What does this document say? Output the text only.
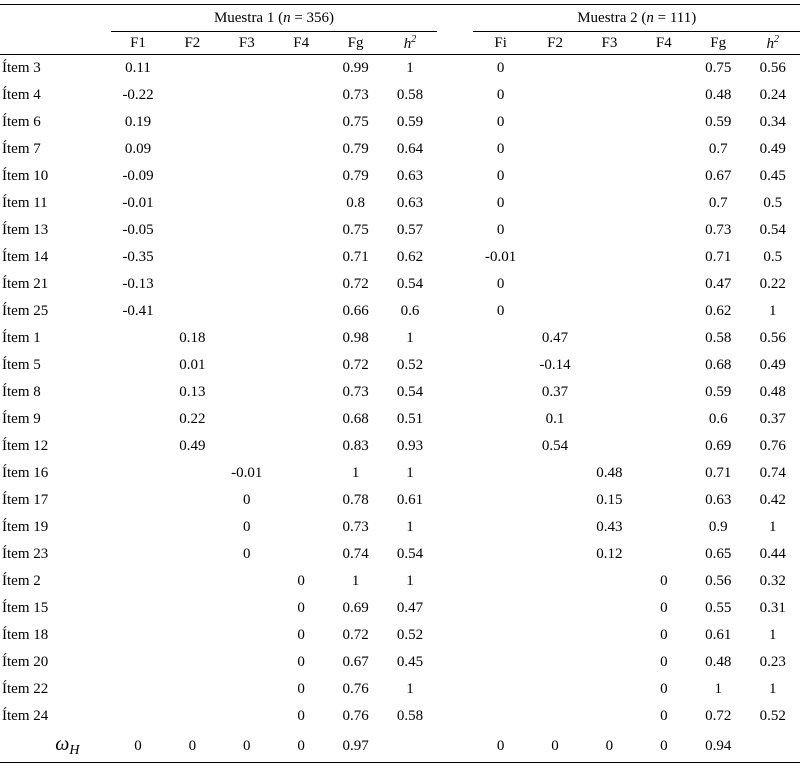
	Muestra 1 (n = 356)							Muestra 2 (n = 111)					
	F1	F2	F3	F4	Fg	$h^2$		Fi	F2	F3	F4	Fg	$h^2$
Ítem 3	0.11				0.99	1		0				0.75	0.56
Ítem 4	-0.22				0.73	0.58		0				0.48	0.24
Ítem 6	0.19				0.75	0.59		0				0.59	0.34
Ítem 7	0.09				0.79	0.64		0				0.7	0.49
Ítem 10	-0.09				0.79	0.63		0				0.67	0.45
Ítem 11	-0.01				0.8	0.63		0				0.7	0.5
Ítem 13	-0.05				0.75	0.57		0				0.73	0.54
Ítem 14	-0.35				0.71	0.62		-0.01				0.71	0.5
Ítem 21	-0.13				0.72	0.54		0				0.47	0.22
Ítem 25	-0.41				0.66	0.6		0				0.62	1
Ítem 1		0.18			0.98	1			0.47			0.58	0.56
Ítem 5		0.01			0.72	0.52			-0.14			0.68	0.49
Ítem 8		0.13			0.73	0.54			0.37			0.59	0.48
Ítem 9		0.22			0.68	0.51			0.1			0.6	0.37
Ítem 12		0.49			0.83	0.93			0.54			0.69	0.76
Ítem 16			-0.01		1	1				0.48		0.71	0.74
Ítem 17			0		0.78	0.61				0.15		0.63	0.42
Ítem 19			0		0.73	1				0.43		0.9	1
Ítem 23			0		0.74	0.54				0.12		0.65	0.44
Ítem 2				0	1	1					0	0.56	0.32
Ítem 15				0	0.69	0.47					0	0.55	0.31
Ítem 18				0	0.72	0.52					0	0.61	1
Ítem 20				0	0.67	0.45					0	0.48	0.23
Ítem 22				0	0.76	1					0	1	1
Ítem 24				0	0.76	0.58					0	0.72	0.52
ωH	0	0	0	0	0.97			0	0	0	0	0.94	
